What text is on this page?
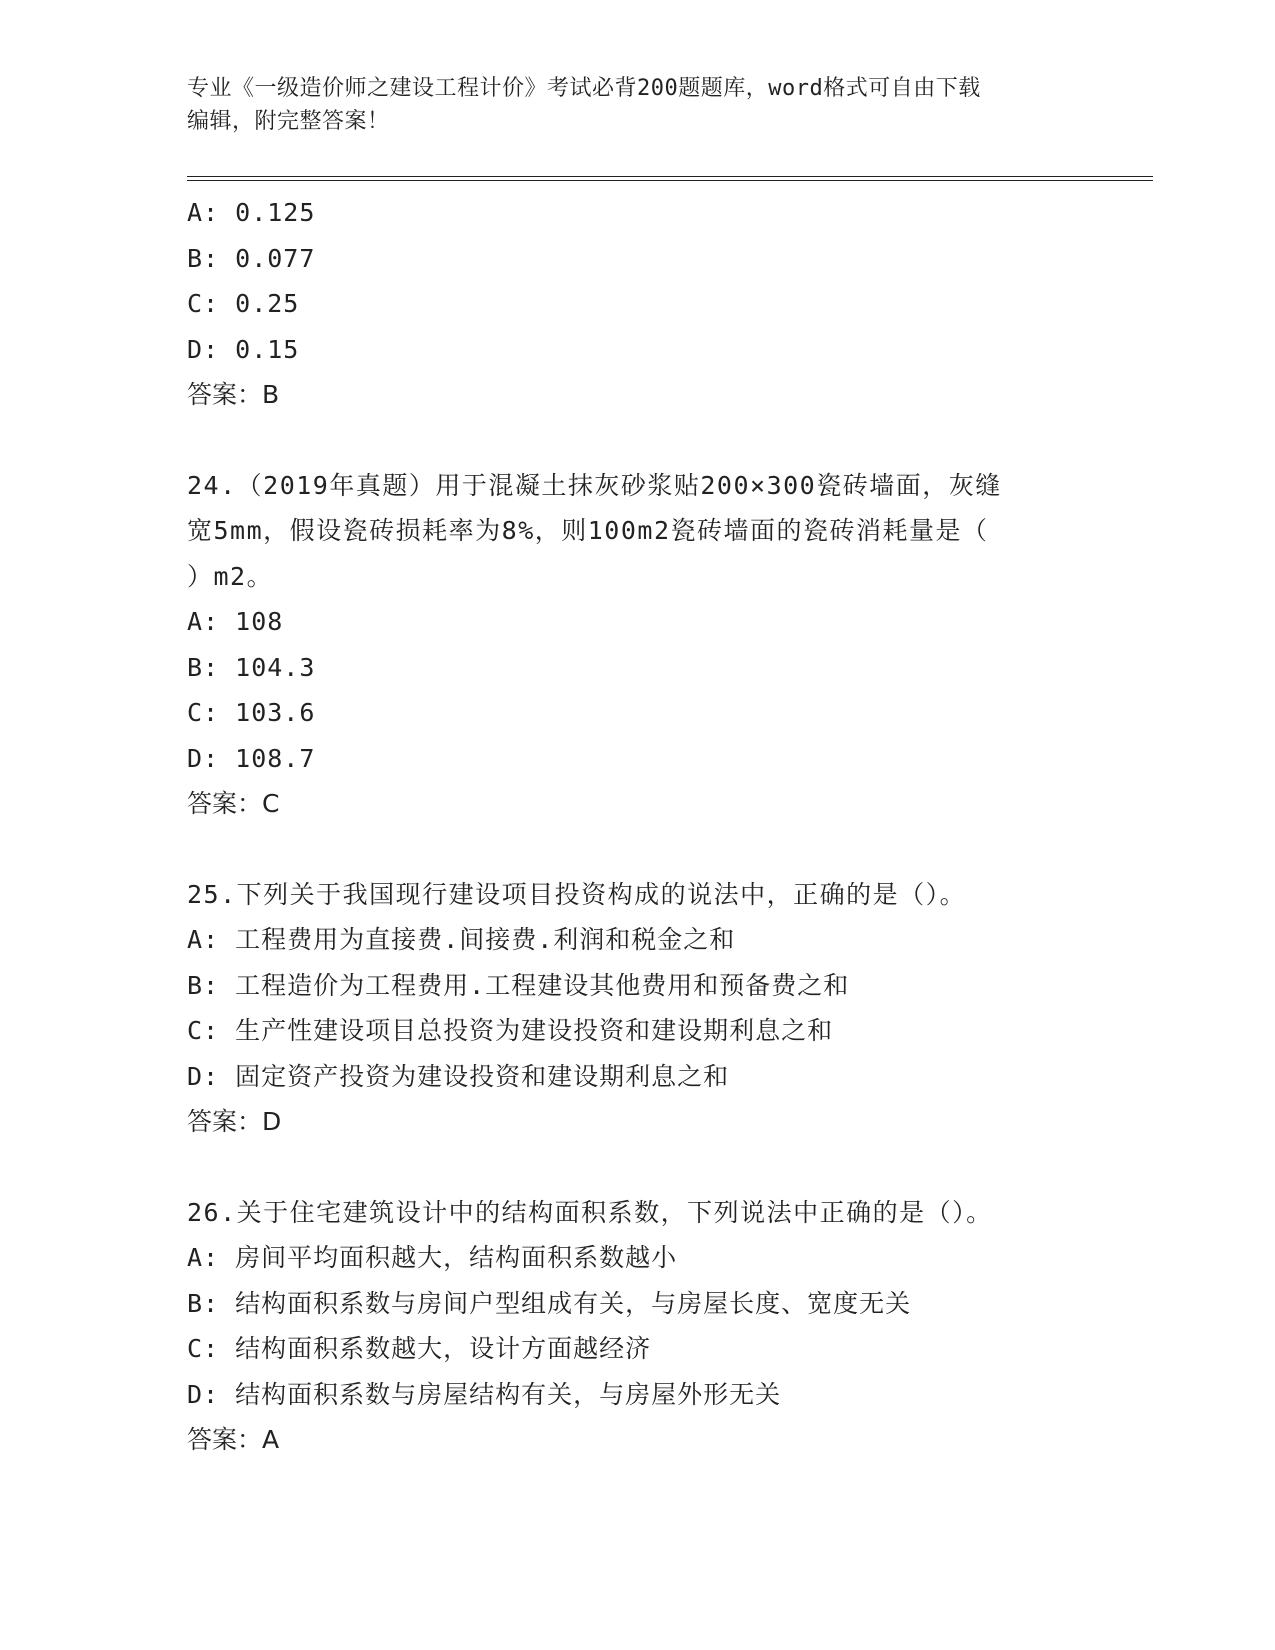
专业《一级造价师之建设工程计价》考试必背200题题库，word格式可自由下载
编辑，附完整答案！
A: 0.125
B: 0.077
C: 0.25
D: 0.15
答案：B
24.（2019年真题）用于混凝土抹灰砂浆贴200×300瓷砖墙面，灰缝
宽5mm，假设瓷砖损耗率为8%，则100m2瓷砖墙面的瓷砖消耗量是（
）m2。
A: 108
B: 104.3
C: 103.6
D: 108.7
答案：C
25.下列关于我国现行建设项目投资构成的说法中，正确的是（）。
A: 工程费用为直接费.间接费.利润和税金之和
B: 工程造价为工程费用.工程建设其他费用和预备费之和
C: 生产性建设项目总投资为建设投资和建设期利息之和
D: 固定资产投资为建设投资和建设期利息之和
答案：D
26.关于住宅建筑设计中的结构面积系数，下列说法中正确的是（）。
A: 房间平均面积越大，结构面积系数越小
B: 结构面积系数与房间户型组成有关，与房屋长度、宽度无关
C: 结构面积系数越大，设计方面越经济
D: 结构面积系数与房屋结构有关，与房屋外形无关
答案：A
